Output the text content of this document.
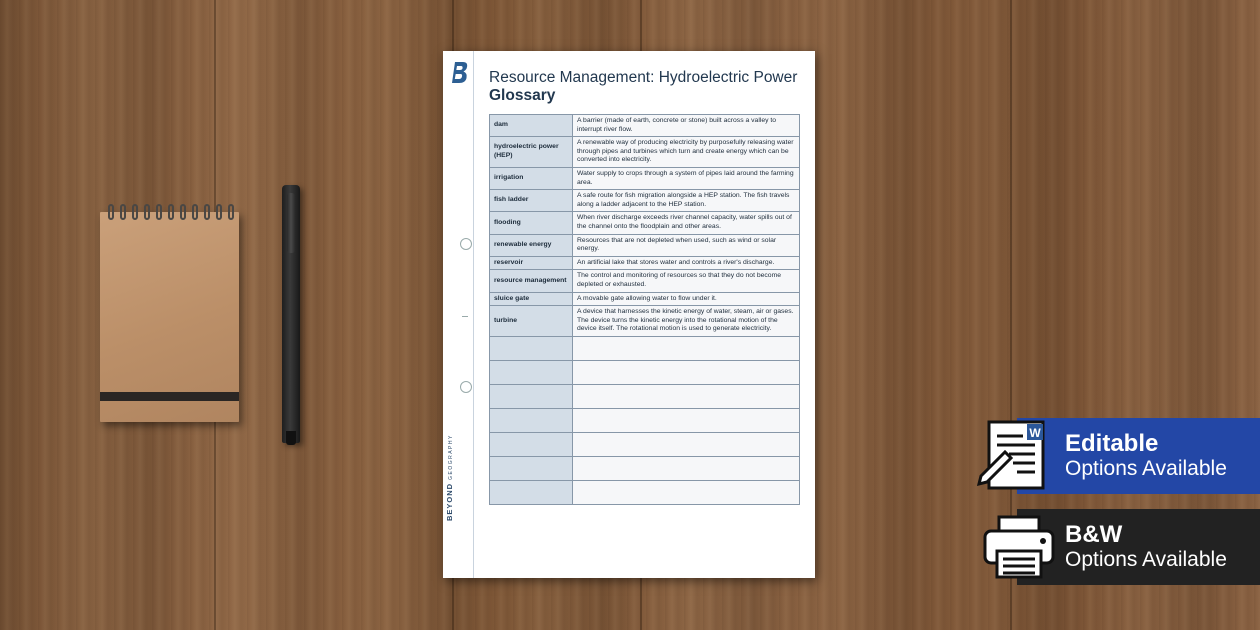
BEYONDGEOGRAPHY
Resource Management: Hydroelectric Power
Glossary
dam	A barrier (made of earth, concrete or stone) built across a valley to interrupt river flow.
hydroelectric power (HEP)	A renewable way of producing electricity by purposefully releasing water through pipes and turbines which turn and create energy which can be converted into electricity.
irrigation	Water supply to crops through a system of pipes laid around the farming area.
fish ladder	A safe route for fish migration alongside a HEP station. The fish travels along a ladder adjacent to the HEP station.
flooding	When river discharge exceeds river channel capacity, water spills out of the channel onto the floodplain and other areas.
renewable energy	Resources that are not depleted when used, such as wind or solar energy.
reservoir	An artificial lake that stores water and controls a river's discharge.
resource management	The control and monitoring of resources so that they do not become depleted or exhausted.
sluice gate	A movable gate allowing water to flow under it.
turbine	A device that harnesses the kinetic energy of water, steam, air or gases. The device turns the kinetic energy into the rotational motion of the device itself. The rotational motion is used to generate electricity.

W Editable
Options Available
B&W
Options Available
